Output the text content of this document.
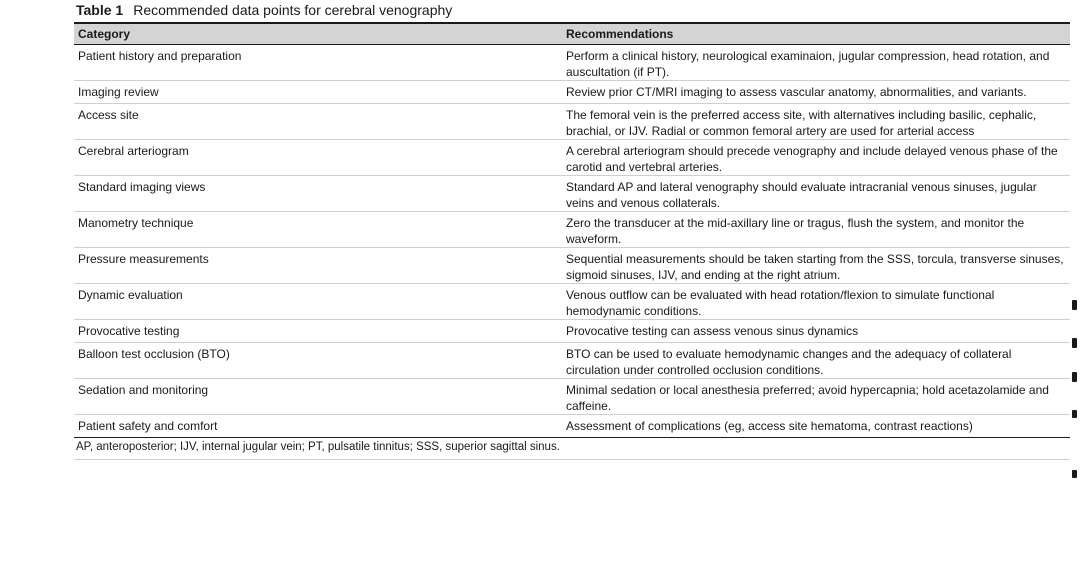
Table 1 Recommended data points for cerebral venography
Category	Recommendations
Patient history and preparation	Perform a clinical history, neurological examinaion, jugular compression, head rotation, and auscultation (if PT).
Imaging review	Review prior CT/MRI imaging to assess vascular anatomy, abnormalities, and variants.
Access site	The femoral vein is the preferred access site, with alternatives including basilic, cephalic, brachial, or IJV. Radial or common femoral artery are used for arterial access
Cerebral arteriogram	A cerebral arteriogram should precede venography and include delayed venous phase of the carotid and vertebral arteries.
Standard imaging views	Standard AP and lateral venography should evaluate intracranial venous sinuses, jugular veins and venous collaterals.
Manometry technique	Zero the transducer at the mid-axillary line or tragus, flush the system, and monitor the waveform.
Pressure measurements	Sequential measurements should be taken starting from the SSS, torcula, transverse sinuses, sigmoid sinuses, IJV, and ending at the right atrium.
Dynamic evaluation	Venous outflow can be evaluated with head rotation/flexion to simulate functional hemodynamic conditions.
Provocative testing	Provocative testing can assess venous sinus dynamics
Balloon test occlusion (BTO)	BTO can be used to evaluate hemodynamic changes and the adequacy of collateral circulation under controlled occlusion conditions.
Sedation and monitoring	Minimal sedation or local anesthesia preferred; avoid hypercapnia; hold acetazolamide and caffeine.
Patient safety and comfort	Assessment of complications (eg, access site hematoma, contrast reactions)
AP, anteroposterior; IJV, internal jugular vein; PT, pulsatile tinnitus; SSS, superior sagittal sinus.
